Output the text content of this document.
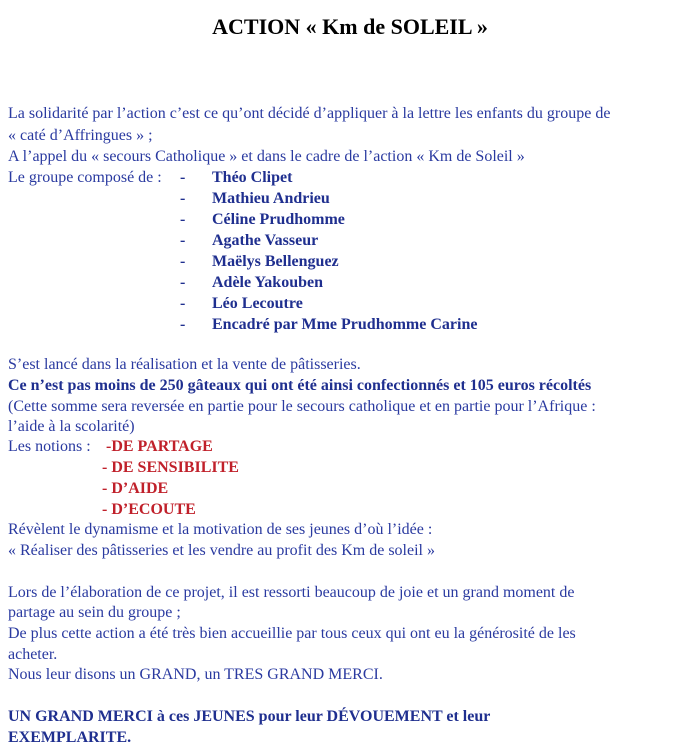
ACTION « Km de SOLEIL »
La solidarité par l’action c’est ce qu’ont décidé d’appliquer à la lettre les enfants du groupe de
« caté d’Affringues » ;
A l’appel du « secours Catholique » et dans le cadre de l’action « Km de Soleil »
Le groupe composé de : - Théo Clipet
- Mathieu Andrieu
- Céline Prudhomme
- Agathe Vasseur
- Maëlys Bellenguez
- Adèle Yakouben
- Léo Lecoutre
- Encadré par Mme Prudhomme Carine
S’est lancé dans la réalisation et la vente de pâtisseries.
Ce n’est pas moins de 250 gâteaux qui ont été ainsi confectionnés et 105 euros récoltés
(Cette somme sera reversée en partie pour le secours catholique et en partie pour l’Afrique :
l’aide à la scolarité)
Les notions : -DE PARTAGE
- DE SENSIBILITE
- D’AIDE
- D’ECOUTE
Révèlent le dynamisme et la motivation de ses jeunes d’où l’idée :
« Réaliser des pâtisseries et les vendre au profit des Km de soleil »
Lors de l’élaboration de ce projet, il est ressorti beaucoup de joie et un grand moment de
partage au sein du groupe ;
De plus cette action a été très bien accueillie par tous ceux qui ont eu la générosité de les
acheter.
Nous leur disons un GRAND, un TRES GRAND MERCI.
UN GRAND MERCI à ces JEUNES pour leur DÉVOUEMENT et leur
EXEMPLARITE.
